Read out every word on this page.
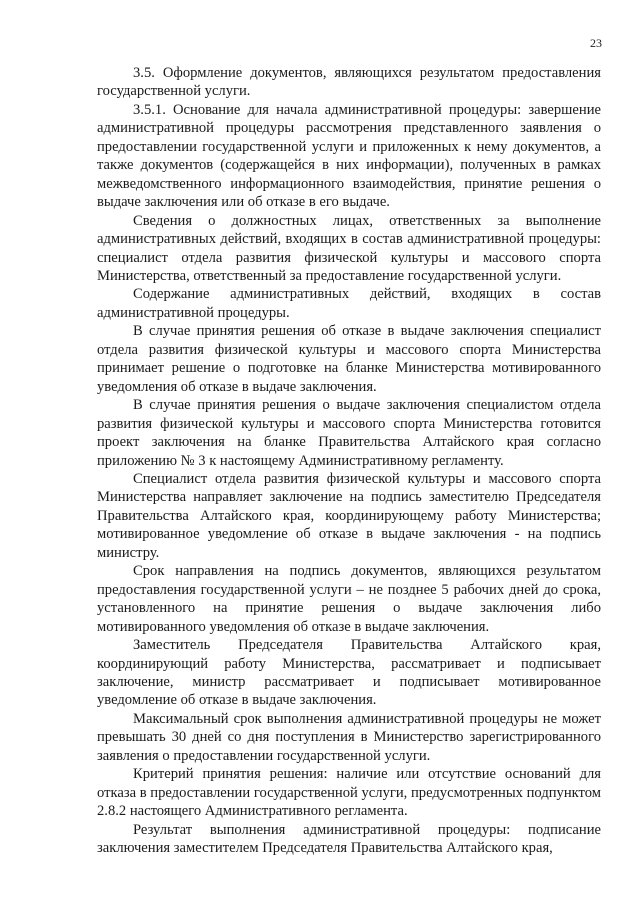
23

3.5. Оформление документов, являющихся результатом предоставления государственной услуги.

3.5.1. Основание для начала административной процедуры: завершение административной процедуры рассмотрения представленного заявления о предоставлении государственной услуги и приложенных к нему документов, а также документов (содержащейся в них информации), полученных в рамках межведомственного информационного взаимодействия, принятие решения о выдаче заключения или об отказе в его выдаче.

Сведения о должностных лицах, ответственных за выполнение административных действий, входящих в состав административной процедуры: специалист отдела развития физической культуры и массового спорта Министерства, ответственный за предоставление государственной услуги.

Содержание административных действий, входящих в состав административной процедуры.

В случае принятия решения об отказе в выдаче заключения специалист отдела развития физической культуры и массового спорта Министерства принимает решение о подготовке на бланке Министерства мотивированного уведомления об отказе в выдаче заключения.

В случае принятия решения о выдаче заключения специалистом отдела развития физической культуры и массового спорта Министерства готовится проект заключения на бланке Правительства Алтайского края согласно приложению № 3 к настоящему Административному регламенту.

Специалист отдела развития физической культуры и массового спорта Министерства направляет заключение на подпись заместителю Председателя Правительства Алтайского края, координирующему работу Министерства; мотивированное уведомление об отказе в выдаче заключения - на подпись министру.

Срок направления на подпись документов, являющихся результатом предоставления государственной услуги – не позднее 5 рабочих дней до срока, установленного на принятие решения о выдаче заключения либо мотивированного уведомления об отказе в выдаче заключения.

Заместитель Председателя Правительства Алтайского края, координирующий работу Министерства, рассматривает и подписывает заключение, министр рассматривает и подписывает мотивированное уведомление об отказе в выдаче заключения.

Максимальный срок выполнения административной процедуры не может превышать 30 дней со дня поступления в Министерство зарегистрированного заявления о предоставлении государственной услуги.

Критерий принятия решения: наличие или отсутствие оснований для отказа в предоставлении государственной услуги, предусмотренных подпунктом 2.8.2 настоящего Административного регламента.

Результат выполнения административной процедуры: подписание заключения заместителем Председателя Правительства Алтайского края,
